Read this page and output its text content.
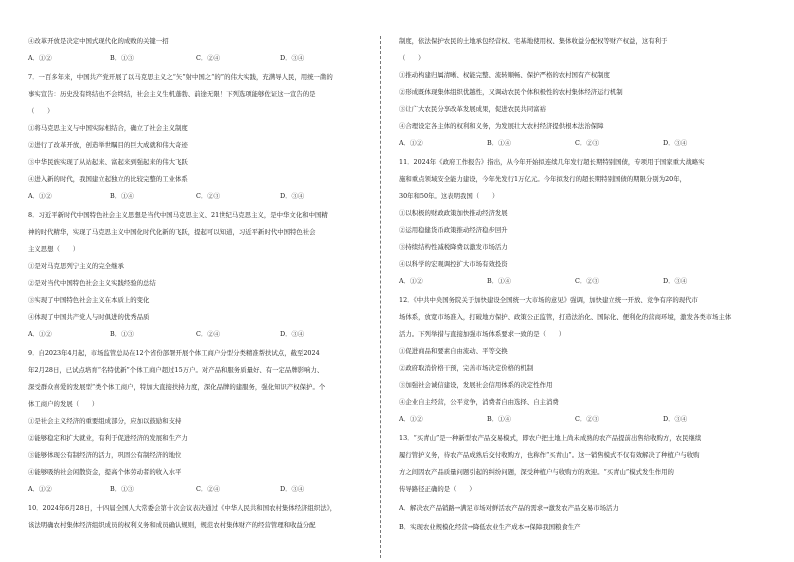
④改革开放是决定中国式现代化的成败的关键一招
A．①②	B．①③	C．②④	D．③④
7．一百多年来，中国共产党开展了以马克思主义之“矢”射中国之“的”的伟大实践，充满导人民，用统一凿的
事实宣告：历史没有终结也不会终结，社会主义生机蓬勃、前途无限！下列选项能够佐证这一宣告的是
（　　）
①将马克思主义与中国实际相结合，确立了社会主义制度
②进行了改革开放，创造举世瞩目的巨大成就和伟大奇迹
③中华民族实现了从站起来、富起来到强起来的伟大飞跃
④进入新的时代，我国建立起独立的比较完整的工业体系
A．①②	B．①④	C．②③	D．③④
8．习近平新时代中国特色社会主义思想是当代中国马克思主义、21世纪马克思主义，是中华文化和中国精
神的时代精华，实现了马克思主义中国化时代化新的飞跃，提起可以知道，习近平新时代中国特色社会
主义思想（　　）
①是对马克思列宁主义的完全继承
②是对当代中国特色社会主义实践经验的总结
③实现了中国特色社会主义在本质上的变化
④体现了中国共产党人与时俱进的优秀品质
A．①②	B．①③	C．②④	D．③④
9．自2023年4月起，市场监管总局在12个省份部署开展个体工商户分型分类精准帮扶试点，截至2024
年2月28日，已试点培育“名特优新”个体工商户超过15万户。对产品和服务质量好、有一定品牌影响力、
深受群众喜爱的发展型“类个体工商户，特加大直接扶持力度，深化品牌的建服务，强化知识产权保护。个
体工商户的发展（　　）
①是社会主义经济的重要组成部分，应加以鼓励和支持
②能够稳定和扩大就业，有利于促进经济的发展和生产力
③能够体现公有制经济的活力，巩固公有制经济的地位
④能够吸纳社会闲散资金，提高个体劳动者的收入水平
A．①②	B．①③	C．②④	D．③④
10．2024年6月28日，十四届全国人大常委会第十次会议表决通过《中华人民共和国农村集体经济组织法》，
该法明确农村集体经济组织成员的权利义务和成员确认规则，规范农村集体财产的经营管理和收益分配
制度，依法保护农民的土地承包经营权、宅基地使用权、集体收益分配权等财产权益，这有利于
（　　）
①推动构建归属清晰、权能完整、流转顺畅、保护严格的农村国有产权制度
②形成既体现集体组织优越性，又调动农民个体积极性的农村集体经济运行机制
③让广大农民分享改革发展成果，促进农民共同富裕
④合理设定各主体的权利和义务，为发展壮大农村经济提供根本法治保障
A．①②	B．①④	C．②③	D．③④
11．2024年《政府工作报告》指出，从今年开始拟连续几年发行超长期特别国债，专项用于国家重大战略实
施和重点领域安全能力建设，今年先发行1万亿元。今年拟发行的超长期特别国债的期限分别为20年，
30年和50年。这表明我国（　　）
①以积极的财政政策加快推动经济发展
②运用稳健货币政策推动经济稳步回升
③持续结构性减税降费以激发市场活力
④以科学的宏观调控扩大市场有效投资
A．①②	B．①④	C．②③	D．③④
12．《中共中央国务院关于加快建设全国统一大市场的意见》强调，加快建立统一开放、竞争有序的现代市
场体系，放宽市场准入，打破地方保护、政策公正监管，打造法治化、国际化、便利化的营商环境，激发各类市场主体
活力。下列举措与直接加强市场体系要求一致的是（　　）
①促进商品和要素自由流动、平等交换
②政府取消价格干预，完善市场决定价格的机制
③加强社会诚信建设，发展社会信用体系的决定性作用
④企业自主经营，公平竞争，消费者自由选择、自主消费
A．①②	B．①④	C．②③	D．③④
13．“买青山”是一种新型农产品交易模式，即农户把土地上尚未成熟的农产品提前出售给收购方，农民继续
履行管护义务，待农产品成熟后交付收购方，也称作“买青山”。这一销售模式不仅有效解决了种植户与收购
方之间因农产品质量问题引起的纠纷问题，深受种植户与收购方的欢迎。“买青山”模式发生作用的
传导路径正确的是（　　）
A．解决农产品销路→满足市场对鲜活农产品的需求→激发农产品交易市场活力
B．实现农业规模化经营→降低农业生产成本→保障我国粮食生产
